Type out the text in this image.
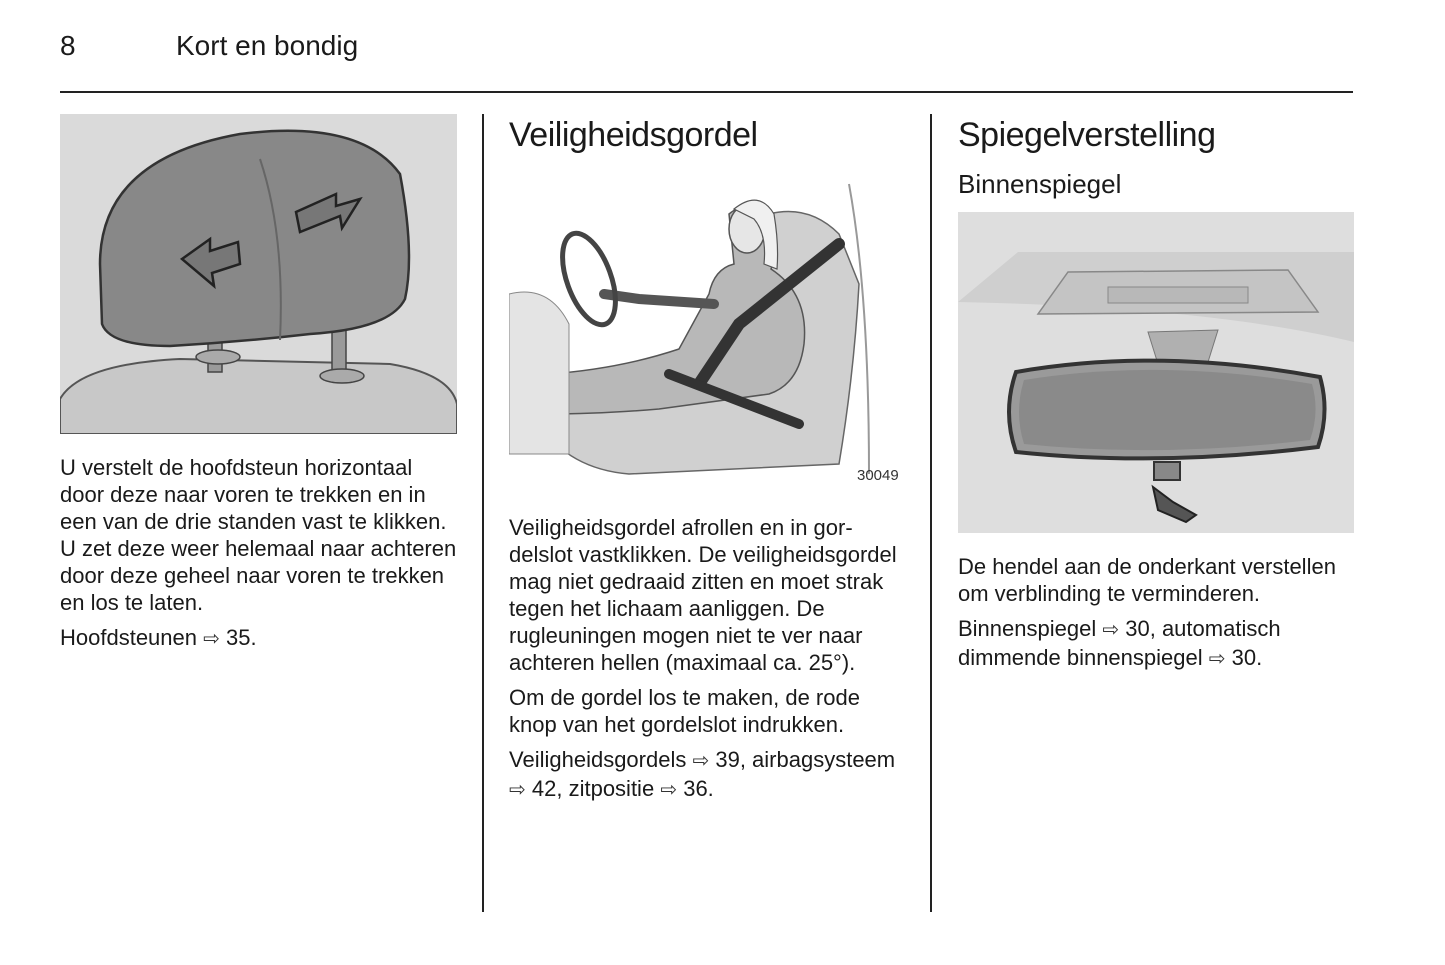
8	Kort en bondig

U verstelt de hoofdsteun horizontaal door deze naar voren te trekken en in een van de drie standen vast te klikken. U zet deze weer helemaal naar achteren door deze geheel naar voren te trekken en los te laten.

Hoofdsteunen ⇨ 35.

Veiligheidsgordel
30049

Veiligheidsgordel afrollen en in gordelslot vastklikken. De veiligheidsgordel mag niet gedraaid zitten en moet strak tegen het lichaam aanliggen. De rugleuningen mogen niet te ver naar achteren hellen (maximaal ca. 25°).

Om de gordel los te maken, de rode knop van het gordelslot indrukken.

Veiligheidsgordels ⇨ 39, airbagsysteem ⇨ 42, zitpositie ⇨ 36.

Spiegelverstelling
Binnenspiegel

De hendel aan de onderkant verstellen om verblinding te verminderen.

Binnenspiegel ⇨ 30, automatisch dimmende binnenspiegel ⇨ 30.
